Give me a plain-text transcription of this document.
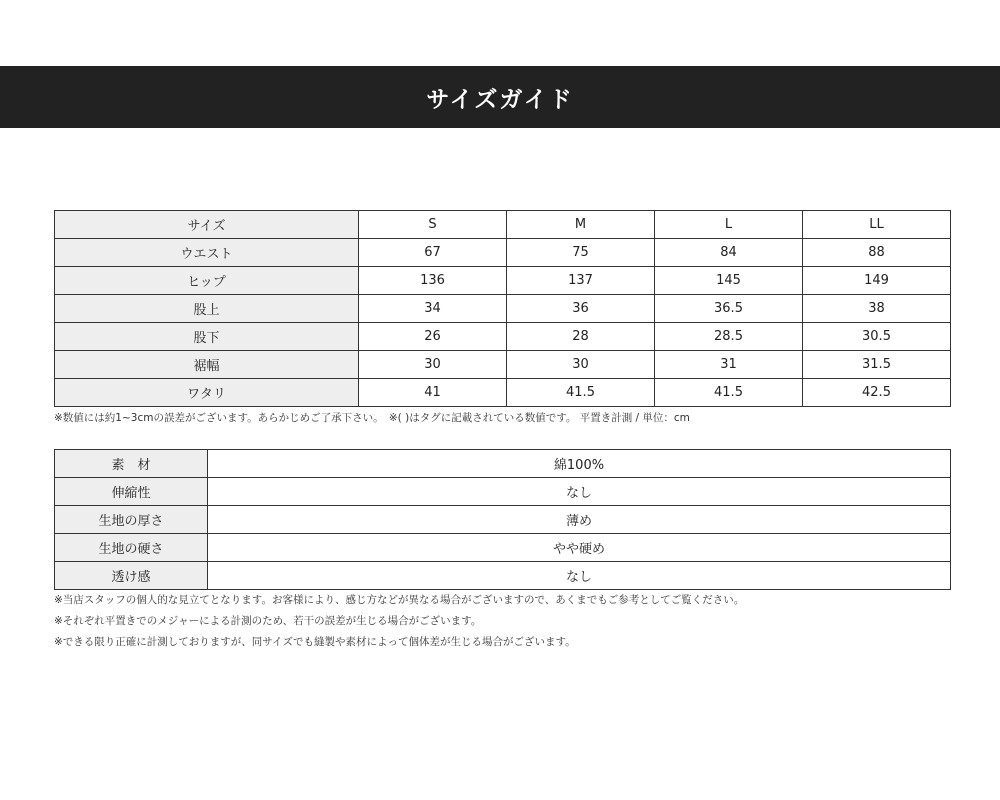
サイズガイド
サイズ	S	M	L	LL
ウエスト	67	75	84	88
ヒップ	136	137	145	149
股上	34	36	36.5	38
股下	26	28	28.5	30.5
裾幅	30	30	31	31.5
ワタリ	41	41.5	41.5	42.5

※数値には約1~3cmの誤差がございます。あらかじめご了承下さい。　※( )はタグに記載されている数値です。 平置き計測 / 単位：cm

素　材	綿100%
伸縮性	なし
生地の厚さ	薄め
生地の硬さ	やや硬め
透け感	なし

※当店スタッフの個人的な見立てとなります。お客様により、感じ方などが異なる場合がございますので、あくまでもご参考としてご覧ください。

※それぞれ平置きでのメジャーによる計測のため、若干の誤差が生じる場合がございます。

※できる限り正確に計測しておりますが、同サイズでも縫製や素材によって個体差が生じる場合がございます。
